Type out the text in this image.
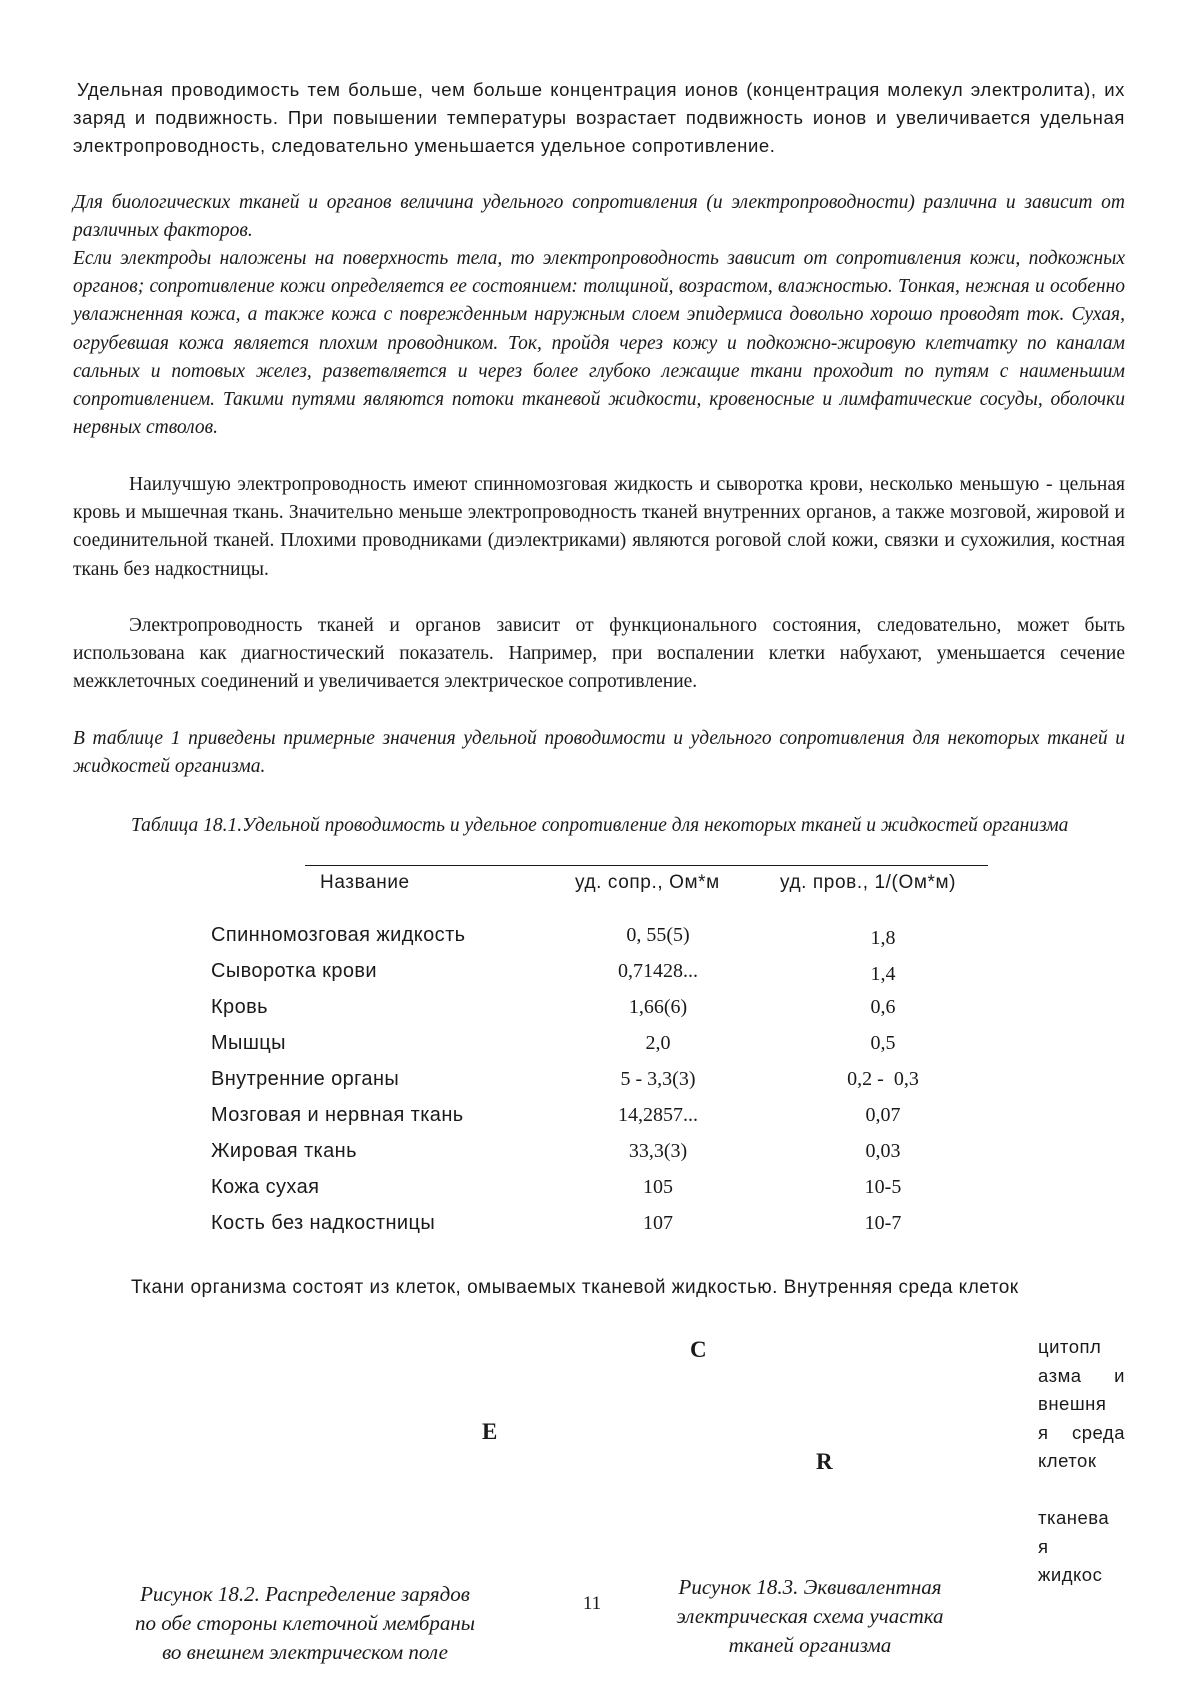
Удельная проводимость тем больше, чем больше концентрация ионов (концентрация молекул электролита), их заряд и подвижность. При повышении температуры возрастает подвижность ионов и увеличивается удельная электропроводность, следовательно уменьшается удельное сопротивление.

Для биологических тканей и органов величина удельного сопротивления (и электропроводности) различна и зависит от различных факторов.

Если электроды наложены на поверхность тела, то электропроводность зависит от сопротивления кожи, подкожных органов; сопротивление кожи определяется ее состоянием: толщиной, возрастом, влажностью. Тонкая, нежная и особенно увлажненная кожа, а также кожа с поврежденным наружным слоем эпидермиса довольно хорошо проводят ток. Сухая, огрубевшая кожа является плохим проводником. Ток, пройдя через кожу и подкожно-жировую клетчатку по каналам сальных и потовых желез, разветвляется и через более глубоко лежащие ткани проходит по путям с наименьшим сопротивлением. Такими путями являются потоки тканевой жидкости, кровеносные и лимфатические сосуды, оболочки нервных стволов.

Наилучшую электропроводность имеют спинномозговая жидкость и сыворотка крови, несколько меньшую - цельная кровь и мышечная ткань. Значительно меньше электропроводность тканей внутренних органов, а также мозговой, жировой и соединительной тканей. Плохими проводниками (диэлектриками) являются роговой слой кожи, связки и сухожилия, костная ткань без надкостницы.

Электропроводность тканей и органов зависит от функционального состояния, следовательно, может быть использована как диагностический показатель. Например, при воспалении клетки набухают, уменьшается сечение межклеточных соединений и увеличивается электрическое сопротивление.

В таблице 1 приведены примерные значения удельной проводимости и удельного сопротивления для некоторых тканей и жидкостей организма.

Таблица 18.1.Удельной проводимость и удельное сопротивление для некоторых тканей и жидкостей организма

Название	уд. сопр., Ом*м	уд. пров., 1/(Ом*м)
Спинномозговая жидкость	0, 55(5)	1,8
Сыворотка крови	0,71428...	1,4
Кровь	1,66(6)	0,6
Мышцы	2,0	0,5
Внутренние органы	5 - 3,3(3)	0,2 -  0,3
Мозговая и нервная ткань	14,2857...	0,07
Жировая ткань	33,3(3)	0,03
Кожа сухая	105	10-5
Кость без надкостницы	107	10-7

Ткани организма состоят из клеток, омываемых тканевой жидкостью. Внутренняя среда клеток

C
E
R
цитопл
азма и
внешня
я среда
клеток
тканева
я
жидкос
Рисунок 18.2. Распределение зарядов
по обе стороны клеточной мембраны
во внешнем электрическом поле
11
Рисунок 18.3. Эквивалентная
электрическая схема участка
тканей организма
